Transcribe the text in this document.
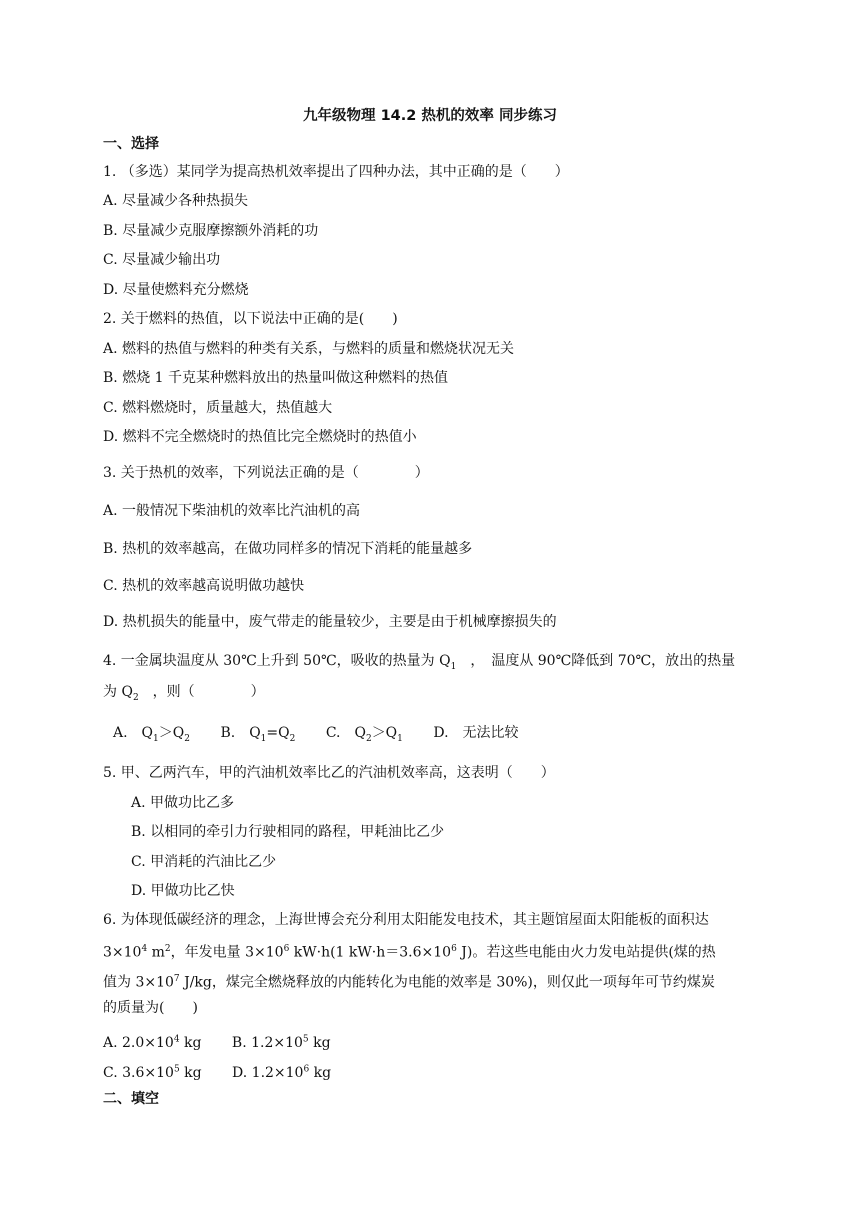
九年级物理 14.2 热机的效率 同步练习
一、选择
1. （多选）某同学为提高热机效率提出了四种办法，其中正确的是（　　）
A. 尽量减少各种热损失
B. 尽量减少克服摩擦额外消耗的功
C. 尽量减少输出功
D. 尽量使燃料充分燃烧
2. 关于燃料的热值，以下说法中正确的是(　　)
A. 燃料的热值与燃料的种类有关系，与燃料的质量和燃烧状况无关
B. 燃烧 1 千克某种燃料放出的热量叫做这种燃料的热值
C. 燃料燃烧时，质量越大，热值越大
D. 燃料不完全燃烧时的热值比完全燃烧时的热值小
3. 关于热机的效率，下列说法正确的是（　　　　）
A. 一般情况下柴油机的效率比汽油机的高
B. 热机的效率越高，在做功同样多的情况下消耗的能量越多
C. 热机的效率越高说明做功越快
D. 热机损失的能量中，废气带走的能量较少，主要是由于机械摩擦损失的
4. 一金属块温度从 30℃上升到 50℃，吸收的热量为 $Q_1$　，　温度从 90℃降低到 70℃，放出的热量
为 $Q_2$　，则（　　　　）
A.　$Q_1>Q_2$ B.　$Q_1=Q_2$ C.　$Q_2>Q_1$ D.　无法比较
5. 甲、乙两汽车，甲的汽油机效率比乙的汽油机效率高，这表明（　　）
A. 甲做功比乙多
B. 以相同的牵引力行驶相同的路程，甲耗油比乙少
C. 甲消耗的汽油比乙少
D. 甲做功比乙快
6. 为体现低碳经济的理念，上海世博会充分利用太阳能发电技术，其主题馆屋面太阳能板的面积达
$3\times 10^4$ $m^2$，年发电量 $3\times 10^6$ kW·h(1 $kW\cdot h=3.6\times 10^6$ J)。若这些电能由火力发电站提供(煤的热
值为 $3\times 10^7$ J/kg，煤完全燃烧释放的内能转化为电能的效率是 30%)，则仅此一项每年可节约煤炭
的质量为(　　)
A. $2.0\times 10^4$ kg B. $1.2\times 10^5$ kg
C. $3.6\times 10^5$ kg D. $1.2\times 10^6$ kg
二、填空
